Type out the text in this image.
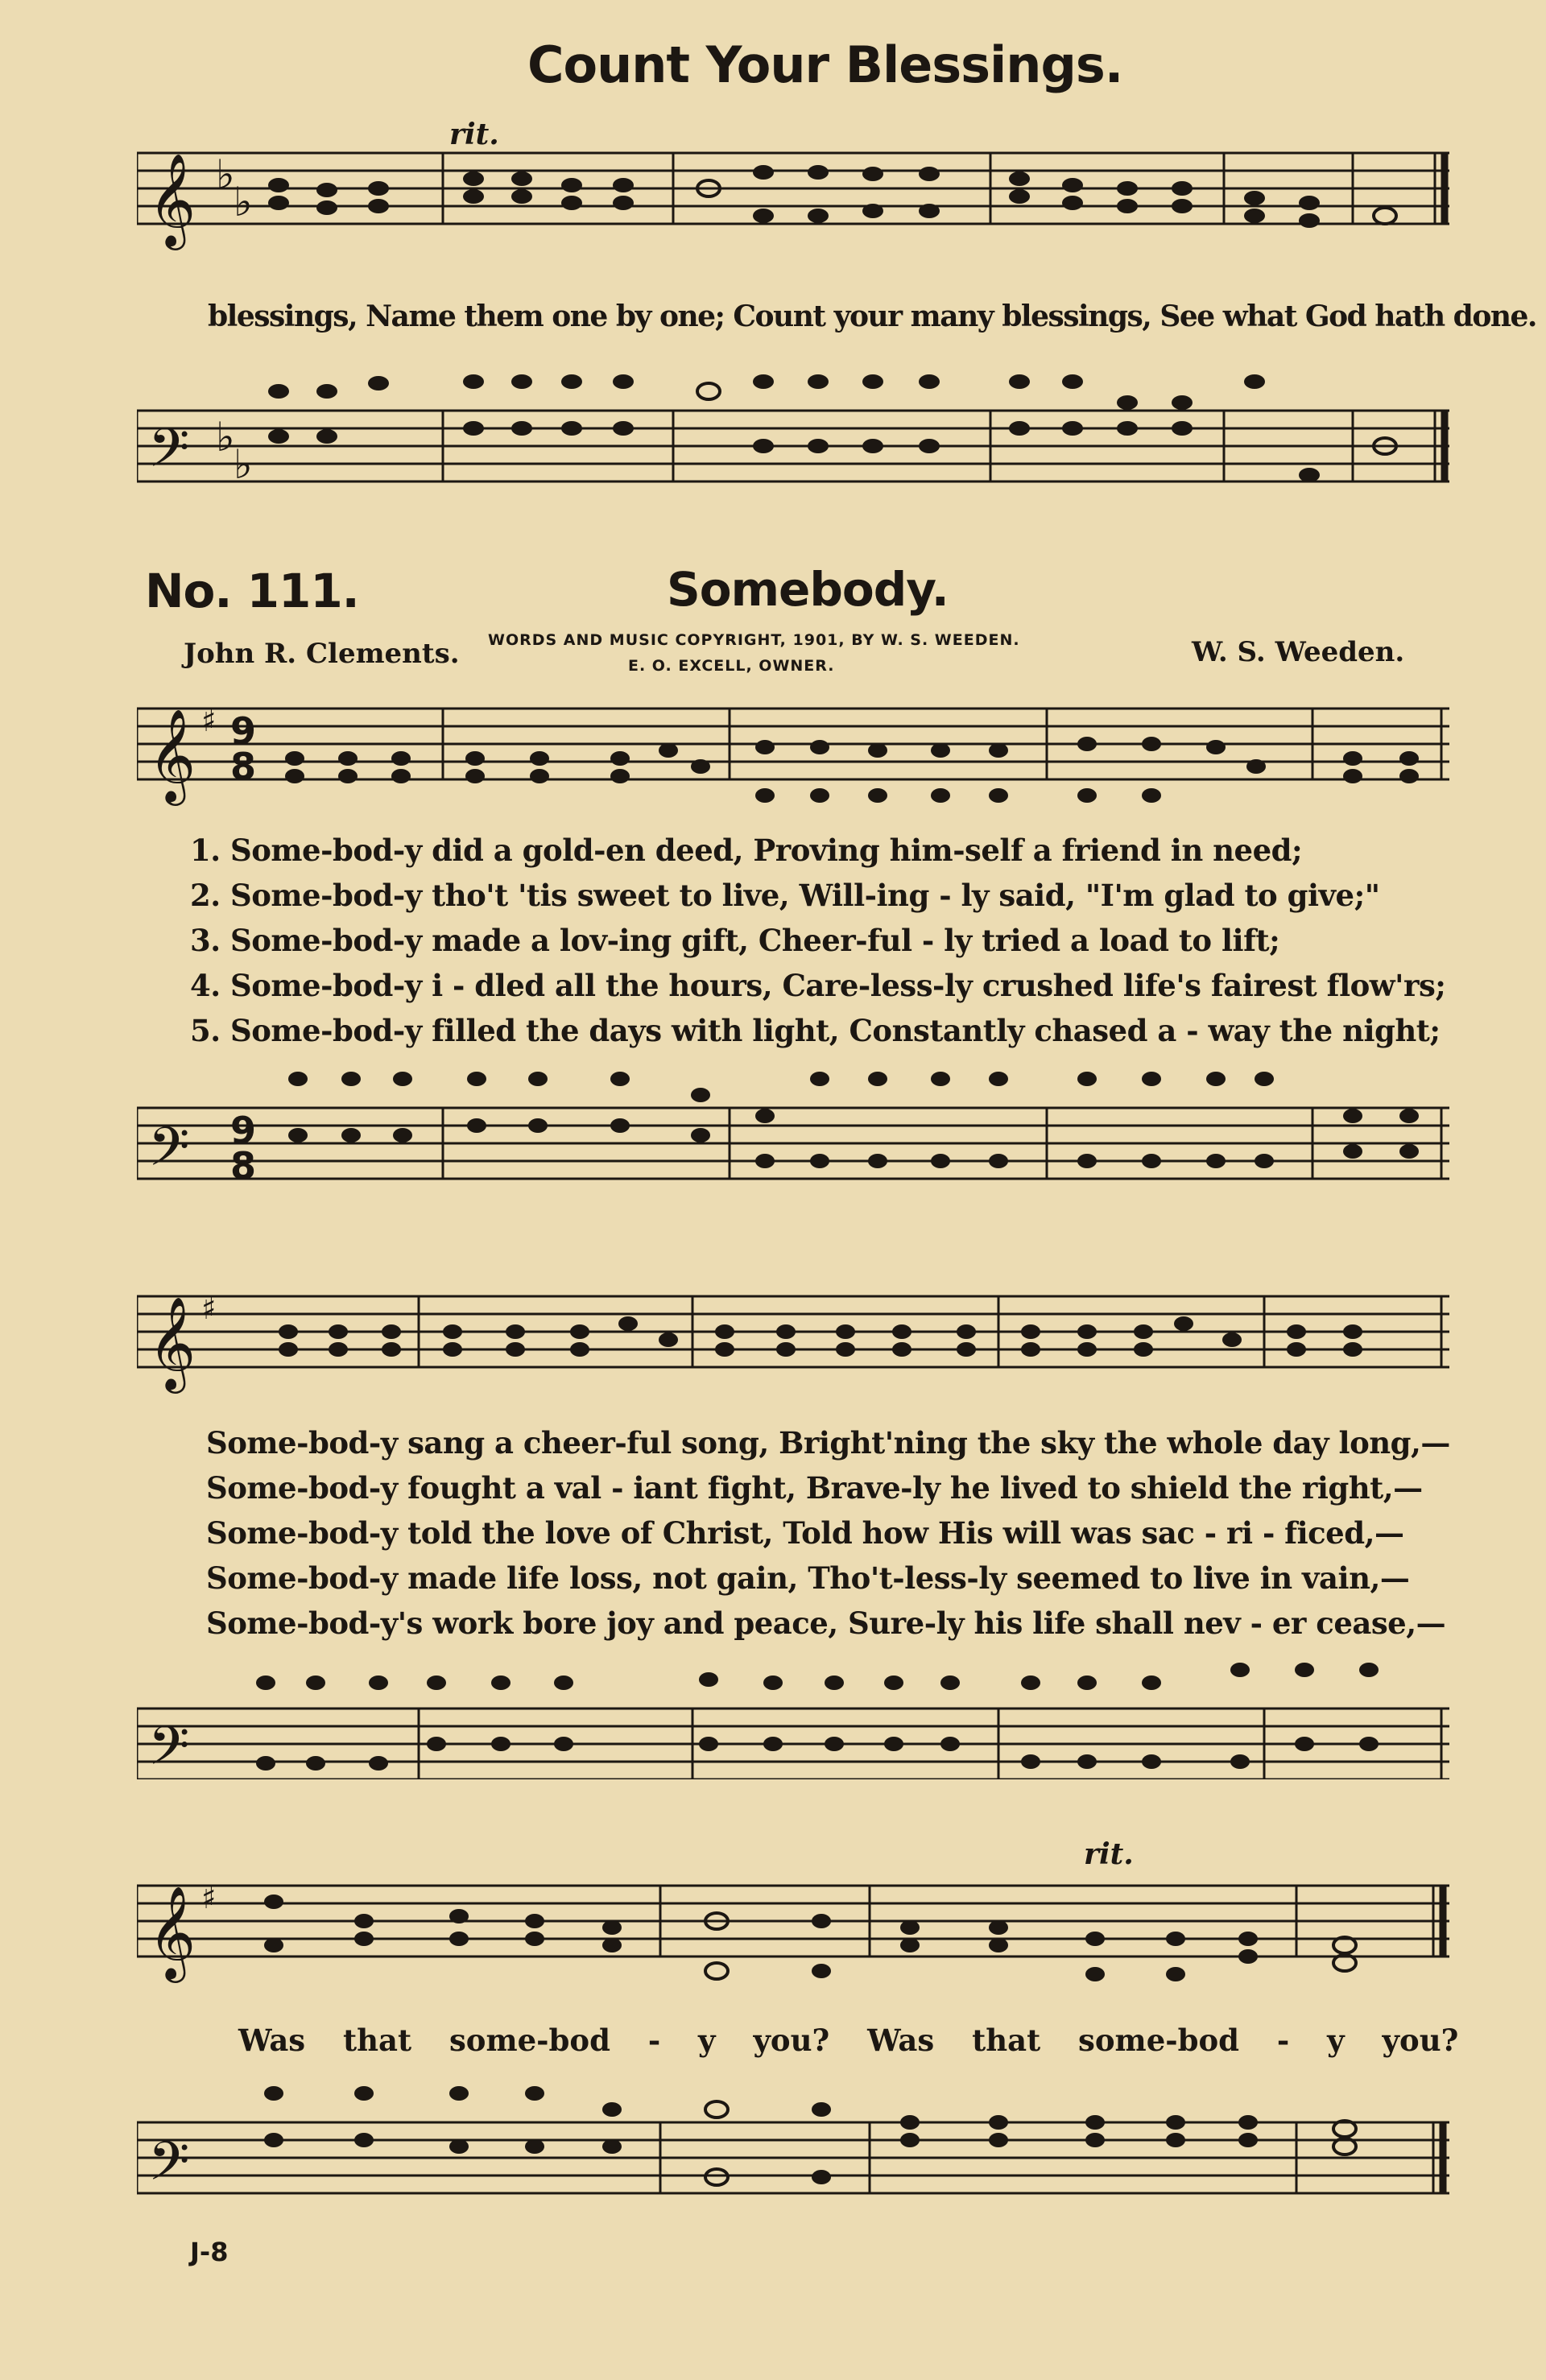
Count Your Blessings.
rit.
𝄞 ♭
♭
blessings, Name them one by one; Count your many blessings, See what God hath done.
𝄢 ♭
♭
No. 111.	Somebody.
John R. Clements. WORDS AND MUSIC COPYRIGHT, 1901, BY W. S. WEEDEN.
E. O. EXCELL, OWNER.	W. S. Weeden.
𝄞 ♯ 9
8
1. Some-bod-y did a gold-en deed, Proving him-self a friend in need;
2. Some-bod-y tho't 'tis sweet to live, Will-ing - ly said, "I'm glad to give;"
3. Some-bod-y made a lov-ing gift, Cheer-ful - ly tried a load to lift;
4. Some-bod-y i - dled all the hours, Care-less-ly crushed life's fairest flow'rs;
5. Some-bod-y filled the days with light, Constantly chased a - way the night;
𝄢 9
8
𝄞 ♯
Some-bod-y sang a cheer-ful song, Bright'ning the sky the whole day long,—
Some-bod-y fought a val - iant fight, Brave-ly he lived to shield the right,—
Some-bod-y told the love of Christ, Told how His will was sac - ri - ficed,—
Some-bod-y made life loss, not gain, Tho't-less-ly seemed to live in vain,—
Some-bod-y's work bore joy and peace, Sure-ly his life shall nev - er cease,—
𝄢
rit.
𝄞 ♯
Was that some-bod - y you? Was that some-bod - y you?
𝄢
J-8
